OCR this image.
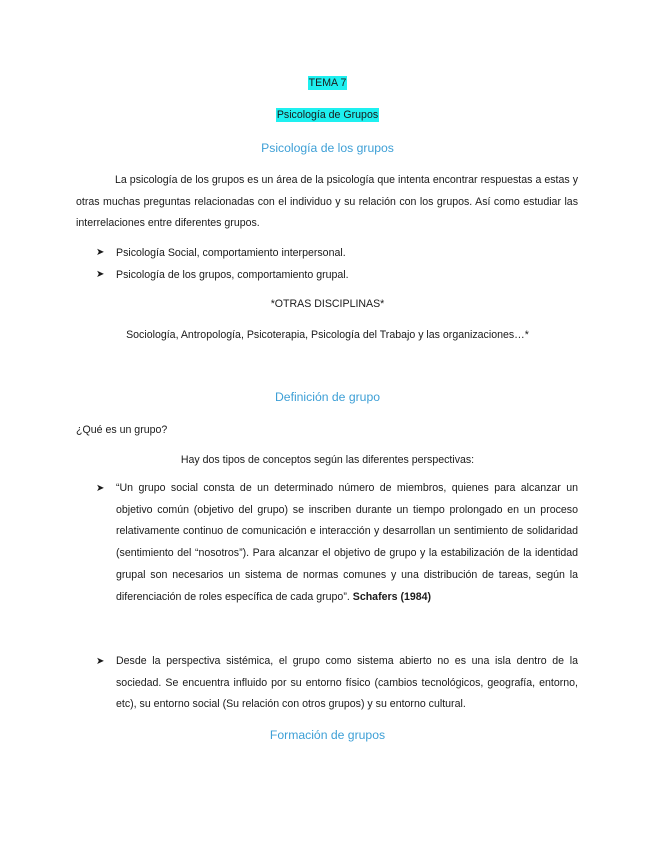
TEMA 7
Psicología de Grupos
Psicología de los grupos
La psicología de los grupos es un área de la psicología que intenta encontrar respuestas a estas y otras muchas preguntas relacionadas con el individuo y su relación con los grupos. Así como estudiar las interrelaciones entre diferentes grupos.
➤ Psicología Social, comportamiento interpersonal.
➤ Psicología de los grupos, comportamiento grupal.
*OTRAS DISCIPLINAS*
Sociología, Antropología, Psicoterapia, Psicología del Trabajo y las organizaciones…*
Definición de grupo
¿Qué es un grupo?
Hay dos tipos de conceptos según las diferentes perspectivas:
➤ “Un grupo social consta de un determinado número de miembros, quienes para alcanzar un objetivo común (objetivo del grupo) se inscriben durante un tiempo prolongado en un proceso relativamente continuo de comunicación e interacción y desarrollan un sentimiento de solidaridad (sentimiento del “nosotros”). Para alcanzar el objetivo de grupo y la estabilización de la identidad grupal son necesarios un sistema de normas comunes y una distribución de tareas, según la diferenciación de roles específica de cada grupo”. Schafers (1984)
➤ Desde la perspectiva sistémica, el grupo como sistema abierto no es una isla dentro de la sociedad. Se encuentra influido por su entorno físico (cambios tecnológicos, geografía, entorno, etc), su entorno social (Su relación con otros grupos) y su entorno cultural.
Formación de grupos
